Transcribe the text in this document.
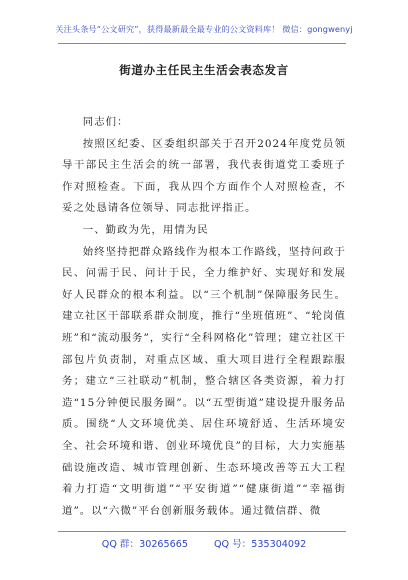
关注头条号“公文研究”，获得最新最全最专业的公文资料库！ 微信：gongwenyj
街道办主任民主生活会表态发言

同志们：

按照区纪委、区委组织部关于召开2024年度党员领导干部民主生活会的统一部署，我代表街道党工委班子作对照检查。下面，我从四个方面作个人对照检查，不妥之处恳请各位领导、同志批评指正。

一、勤政为先，用情为民

始终坚持把群众路线作为根本工作路线，坚持问政于民、问需于民、问计于民，全力维护好、实现好和发展好人民群众的根本利益。以“三个机制”保障服务民生。建立社区干部联系群众制度，推行“坐班值班”、“轮岗值班”和“流动服务”，实行“全科网格化”管理；建立社区干部包片负责制，对重点区域、重大项目进行全程跟踪服务；建立“三社联动”机制，整合辖区各类资源，着力打造“15分钟便民服务圈”。以“五型街道”建设提升服务品质。围绕“人文环境优美、居住环境舒适、生活环境安全、社会环境和谐、创业环境优良”的目标，大力实施基础设施改造、城市管理创新、生态环境改善等五大工程着力打造“文明街道”“平安街道”“健康街道”“幸福街道”。以“六微”平台创新服务载体。通过微信群、微

QQ 群：30265665	QQ 号：535304092
